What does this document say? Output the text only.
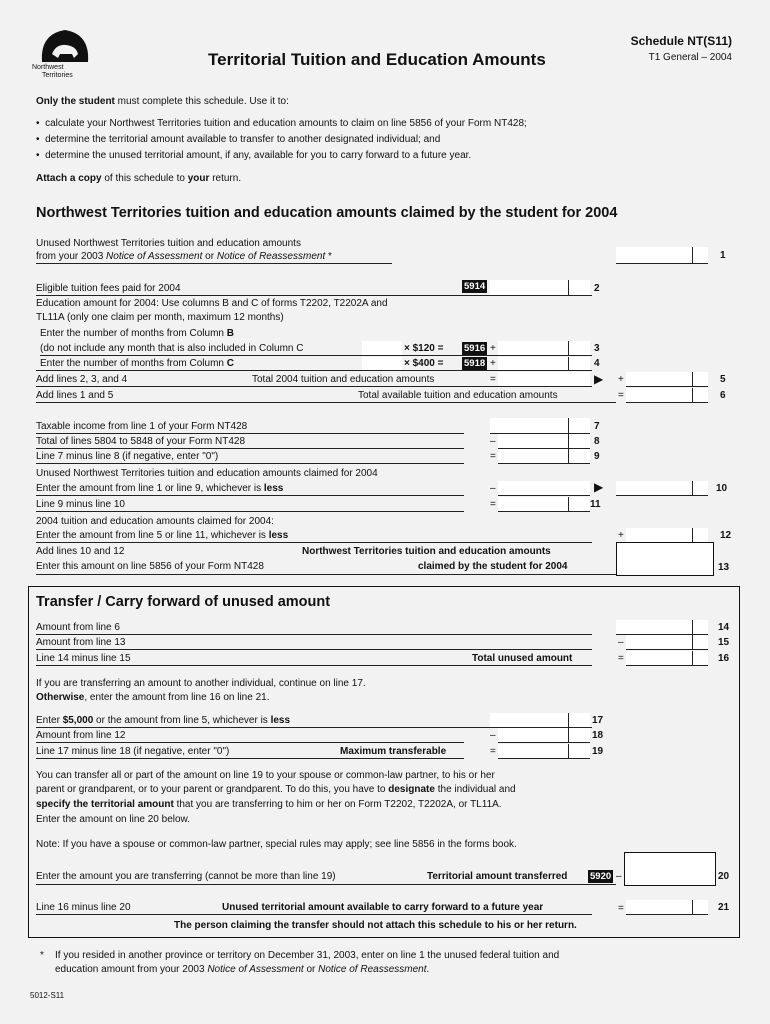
Northwest
Territories
Territorial Tuition and Education Amounts
Schedule NT(S11)
T1 General – 2004
Only the student must complete this schedule. Use it to:
•  calculate your Northwest Territories tuition and education amounts to claim on line 5856 of your Form NT428;
•  determine the territorial amount available to transfer to another designated individual; and
•  determine the unused territorial amount, if any, available for you to carry forward to a future year.
Attach a copy of this schedule to your return.
Northwest Territories tuition and education amounts claimed by the student for 2004
Unused Northwest Territories tuition and education amounts
from your 2003 Notice of Assessment or Notice of Reassessment *	1
Eligible tuition fees paid for 2004	5914	2
Education amount for 2004: Use columns B and C of forms T2202, T2202A and
TL11A (only one claim per month, maximum 12 months)
Enter the number of months from Column B
(do not include any month that is also included in Column C	× $120 = 5916 +	3
Enter the number of months from Column C	× $400 = 5918 +	4
Add lines 2, 3, and 4	Total 2004 tuition and education amounts	=	▶ +	5
Add lines 1 and 5	Total available tuition and education amounts	=	6
Taxable income from line 1 of your Form NT428	7
Total of lines 5804 to 5848 of your Form NT428	–	8
Line 7 minus line 8 (if negative, enter "0")	=	9
Unused Northwest Territories tuition and education amounts claimed for 2004
Enter the amount from line 1 or line 9, whichever is less	–	▶	10
Line 9 minus line 10	=	11
2004 tuition and education amounts claimed for 2004:
Enter the amount from line 5 or line 11, whichever is less	+	12
Add lines 10 and 12
Enter this amount on line 5856 of your Form NT428
Northwest Territories tuition and education amounts
claimed by the student for 2004	13
Transfer / Carry forward of unused amount
Amount from line 6	14
Amount from line 13	–	15
Line 14 minus line 15	Total unused amount	=	16
If you are transferring an amount to another individual, continue on line 17.
Otherwise, enter the amount from line 16 on line 21.
Enter $5,000 or the amount from line 5, whichever is less	17
Amount from line 12	–	18
Line 17 minus line 18 (if negative, enter "0")	Maximum transferable	=	19
You can transfer all or part of the amount on line 19 to your spouse or common-law partner, to his or her
parent or grandparent, or to your parent or grandparent. To do this, you have to designate the individual and
specify the territorial amount that you are transferring to him or her on Form T2202, T2202A, or TL11A.
Enter the amount on line 20 below.
Note: If you have a spouse or common-law partner, special rules may apply; see line 5856 in the forms book.
Enter the amount you are transferring (cannot be more than line 19)	Territorial amount transferred 5920 –	20
Line 16 minus line 20	Unused territorial amount available to carry forward to a future year	=	21
The person claiming the transfer should not attach this schedule to his or her return.
* If you resided in another province or territory on December 31, 2003, enter on line 1 the unused federal tuition and
education amount from your 2003 Notice of Assessment or Notice of Reassessment.
5012-S11
